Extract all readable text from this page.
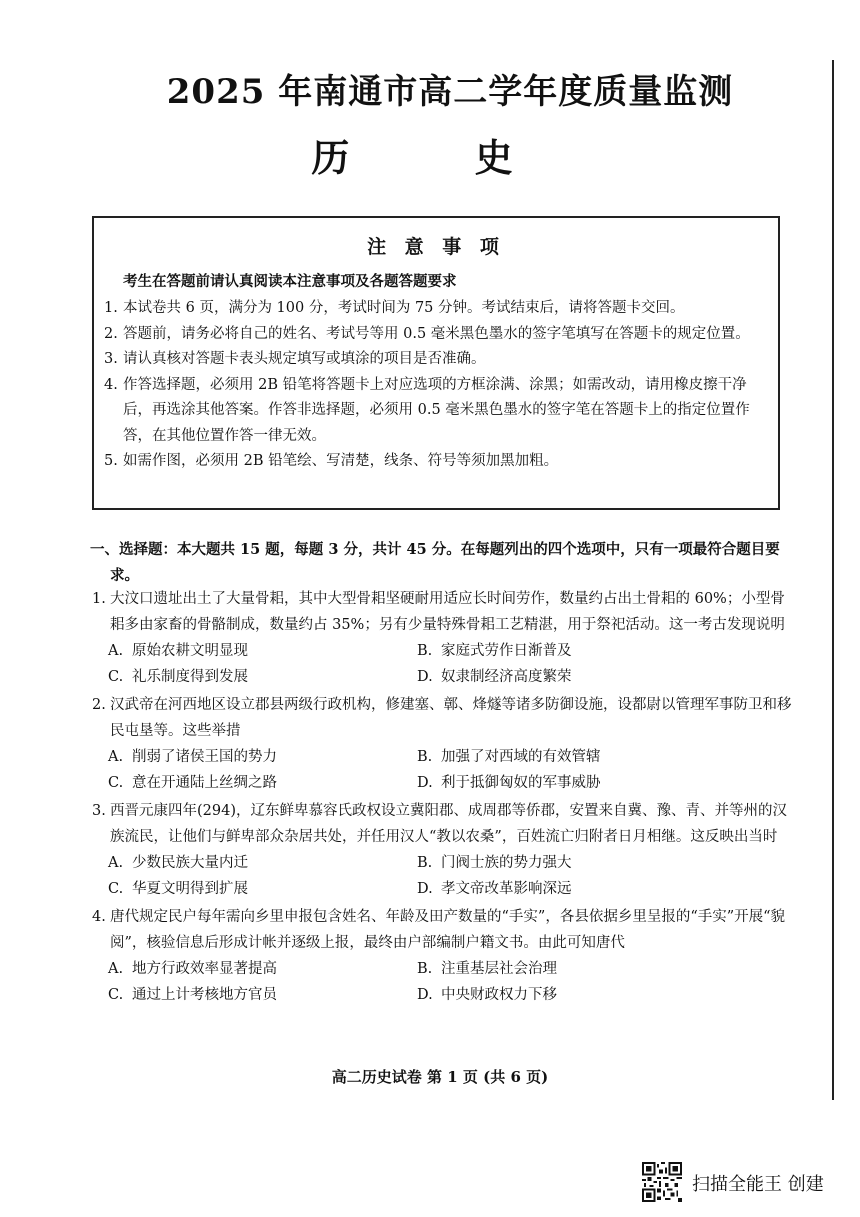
2025 年南通市高二学年度质量监测
历 史
注 意 事 项
考生在答题前请认真阅读本注意事项及各题答题要求
1. 本试卷共 6 页，满分为 100 分，考试时间为 75 分钟。考试结束后，请将答题卡交回。
2. 答题前，请务必将自己的姓名、考试号等用 0.5 毫米黑色墨水的签字笔填写在答题卡的规定位置。
3. 请认真核对答题卡表头规定填写或填涂的项目是否准确。
4. 作答选择题，必须用 2B 铅笔将答题卡上对应选项的方框涂满、涂黑；如需改动，请用橡皮擦干净后，再选涂其他答案。作答非选择题，必须用 0.5 毫米黑色墨水的签字笔在答题卡上的指定位置作答，在其他位置作答一律无效。
5. 如需作图，必须用 2B 铅笔绘、写清楚，线条、符号等须加黑加粗。
一、选择题：本大题共 15 题，每题 3 分，共计 45 分。在每题列出的四个选项中，只有一项最符合题目要求。
1. 大汶口遗址出土了大量骨耜，其中大型骨耜坚硬耐用适应长时间劳作，数量约占出土骨耜的 60%；小型骨耜多由家畜的骨骼制成，数量约占 35%；另有少量特殊骨耜工艺精湛，用于祭祀活动。这一考古发现说明
A. 原始农耕文明显现	B. 家庭式劳作日渐普及
C. 礼乐制度得到发展	D. 奴隶制经济高度繁荣
2. 汉武帝在河西地区设立郡县两级行政机构，修建塞、鄣、烽燧等诸多防御设施，设都尉以管理军事防卫和移民屯垦等。这些举措
A. 削弱了诸侯王国的势力	B. 加强了对西域的有效管辖
C. 意在开通陆上丝绸之路	D. 利于抵御匈奴的军事威胁
3. 西晋元康四年(294)，辽东鲜卑慕容氏政权设立冀阳郡、成周郡等侨郡，安置来自冀、豫、青、并等州的汉族流民，让他们与鲜卑部众杂居共处，并任用汉人“教以农桑”，百姓流亡归附者日月相继。这反映出当时
A. 少数民族大量内迁	B. 门阀士族的势力强大
C. 华夏文明得到扩展	D. 孝文帝改革影响深远
4. 唐代规定民户每年需向乡里申报包含姓名、年龄及田产数量的“手实”，各县依据乡里呈报的“手实”开展“貌阅”，核验信息后形成计帐并逐级上报，最终由户部编制户籍文书。由此可知唐代
A. 地方行政效率显著提高	B. 注重基层社会治理
C. 通过上计考核地方官员	D. 中央财政权力下移
高二历史试卷 第 1 页 (共 6 页)
扫描全能王 创建
